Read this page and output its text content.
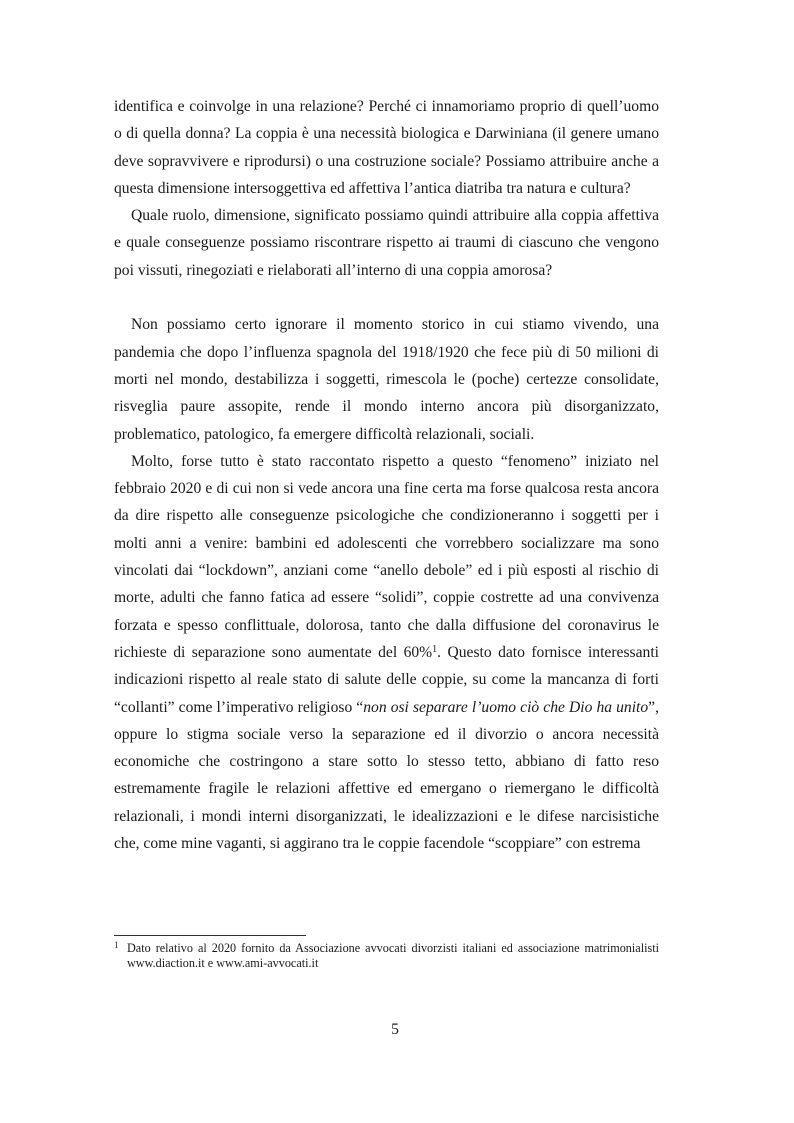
identifica e coinvolge in una relazione? Perché ci innamoriamo proprio di quell’uomo o di quella donna? La coppia è una necessità biologica e Darwiniana (il genere umano deve sopravvivere e riprodursi) o una costruzione sociale? Possiamo attribuire anche a questa dimensione intersoggettiva ed affettiva l’antica diatriba tra natura e cultura?

Quale ruolo, dimensione, significato possiamo quindi attribuire alla coppia affettiva e quale conseguenze possiamo riscontrare rispetto ai traumi di ciascuno che vengono poi vissuti, rinegoziati e rielaborati all’interno di una coppia amorosa?

Non possiamo certo ignorare il momento storico in cui stiamo vivendo, una pandemia che dopo l’influenza spagnola del 1918/1920 che fece più di 50 milioni di morti nel mondo, destabilizza i soggetti, rimescola le (poche) certezze consolidate, risveglia paure assopite, rende il mondo interno ancora più disorganizzato, problematico, patologico, fa emergere difficoltà relazionali, sociali.

Molto, forse tutto è stato raccontato rispetto a questo “fenomeno” iniziato nel febbraio 2020 e di cui non si vede ancora una fine certa ma forse qualcosa resta ancora da dire rispetto alle conseguenze psicologiche che condizioneranno i soggetti per i molti anni a venire: bambini ed adolescenti che vorrebbero socializzare ma sono vincolati dai “lockdown”, anziani come “anello debole” ed i più esposti al rischio di morte, adulti che fanno fatica ad essere “solidi”, coppie costrette ad una convivenza forzata e spesso conflittuale, dolorosa, tanto che dalla diffusione del coronavirus le richieste di separazione sono aumentate del 60%$^1$. Questo dato fornisce interessanti indicazioni rispetto al reale stato di salute delle coppie, su come la mancanza di forti “collanti” come l’imperativo religioso “non osi separare l’uomo ciò che Dio ha unito”, oppure lo stigma sociale verso la separazione ed il divorzio o ancora necessità economiche che costringono a stare sotto lo stesso tetto, abbiano di fatto reso estremamente fragile le relazioni affettive ed emergano o riemergano le difficoltà relazionali, i mondi interni disorganizzati, le idealizzazioni e le difese narcisistiche che, come mine vaganti, si aggirano tra le coppie facendole “scoppiare” con estrema

1 Dato relativo al 2020 fornito da Associazione avvocati divorzisti italiani ed associazione matrimonialisti www.diaction.it e www.ami-avvocati.it
5
